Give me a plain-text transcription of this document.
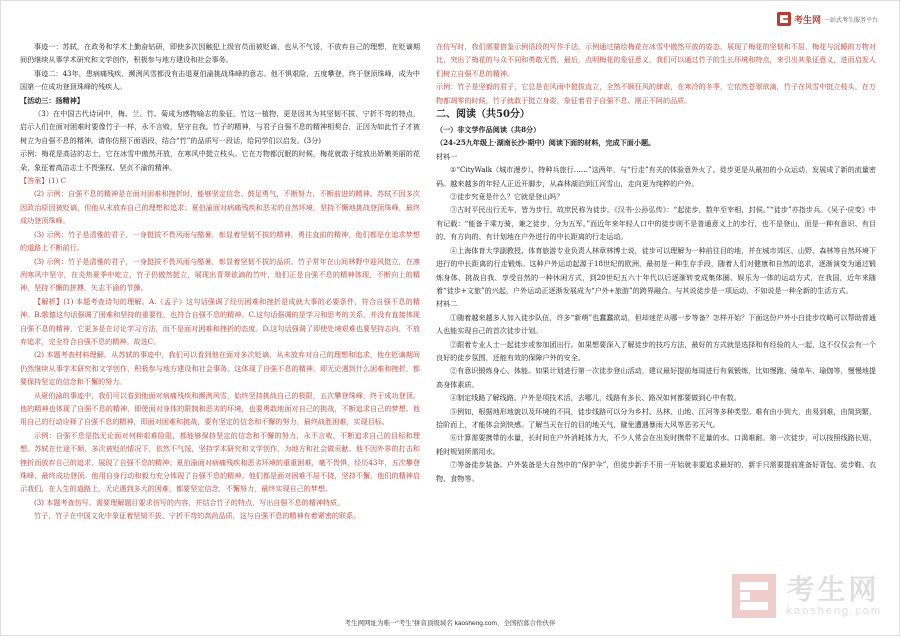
考生网 一站式考生服务平台

事迹一：苏轼，在政务和学术上勤奋钻研，即使多次因触犯上级官员而被贬谪，也从不气馁，不放弃自己的理想，在贬谪期间仍继续从事学术研究和文学创作，积极参与地方建设和社会事务。

事迹二：43年，患病痛残疾、濒洌风雪都没有击退夏伯渝挑战珠峰的意志。他不惧艰险，五度攀登，终于登顶珠峰，成为中国第一位成功登顶珠峰的残疾人。

【活动三：扬精神】

（3）在中国古代诗词中，梅、兰、竹、菊成为感物喻志的象征，竹这一植物，更是因其为其坚韧不拔、宁折不弯的特点，启示人们在面对困难时要像竹子一样，永不言败，坚守自我。竹子的精神，与君子自强不息的精神相契合，正因为如此竹子才被树立为自强不息的精神。请你仿照下面语段，结合“竹”的品质写一段话，给同学们以启发。(3分)

示例：梅花是高洁的志士，它在冰雪中傲然开放，在寒风中挺立枝头。它在万物都沉眠的时候，梅花就敢于绽放出娇嫩美丽的花朵，象征着高洁志士不畏强权、坚贞不渝的精神。

【答案】(1) C

(2) 示例：自强不息的精神是在面对困难和挫折时，能够坚定信念、鼓足勇气，不断努力，不断前进的精神。苏轼不因多次因政治原因被贬谪，但他从未放弃自己的理想和追求；夏伯渝面对病痛残疾和恶劣的自然环境，坚持不懈地挑战登顶珠峰，最终成功登顶珠峰。

(3) 示例：竹子是清雅的君子，一身挺拔不畏风雨与酷暑，彰显着坚韧不拔的精神，勇往直前的精神，他们都是在追求梦想的道路上不断前行。

(3) 示例：竹子是清雅的君子，一身挺拔不畏风雨与酷暑，彰显着坚韧不拔的品质。竹子常年在山间林野中迎风挺立，在凛冽寒风中坚守，在炎热夏季中屹立，竹子仍傲然挺立，展现出青翠欲滴的竹叶，他们正是自强不息的精神体现，不断向上的精神，坚持不懈的拼搏，矢志不渝的节操。

【解析】(1) 本题考查诗句的理解。A.《孟子》这句话强调了经历困难和挫折是成就大事的必要条件，符合自强不息的精神。B.歌德这句话强调了困难和坚持的重要性，也符合自强不息的精神。C.这句话强调的是学习和思考的关系，并没有直接体现自强不息的精神，它更多是在讨论学习方法，而不是面对困难和挫折的态度。D.这句话强调了即使处境艰难也要坚持志向，不放弃追求，完全符合自强不息的精神。故选C。

(2) 本题考查材料理解。从苏轼的事迹中，我们可以看到他在面对多次贬谪，从未放弃对自己的理想和追求，他在贬谪期间仍然继续从事学术研究和文学创作，积极参与地方建设和社会事务。这体现了自强不息的精神，即无论遇到什么困难和挫折，都要保持坚定的信念和不懈的努力。

从夏伯渝的事迹中，我们可以看到他面对病痛残疾和濒洌风雪，始终坚持挑战自己的极限，五次攀登珠峰，终于成功登顶。他的精神也体现了自强不息的精神，即使面对身体的限制和恶劣的环境，也要勇敢地面对自己的挑战，不断追求自己的梦想。他用自己的行动诠释了自强不息的精神，即面对困难和挑战，要有坚定的信念和不懈的努力，最终战胜困难，实现目标。

示例：自强不息是指无论面对何种艰难险阻，都能够保持坚定的信念和不懈的努力，永不言败，不断追求自己的目标和理想。苏轼在仕途不顺、多次被贬的情况下，依然不气馁，坚持学术研究和文学创作，为地方和社会做贡献。他不因外界的打击和挫折而放弃自己的追求，展现了自强不息的精神；夏伯渝面对病痛残疾和恶劣环境的重重困难，毫不畏惧，经历43年，五次攀登珠峰，最终成功登顶。他用自身行动和毅力充分体现了自强不息的精神。他们都是面对困难不屈不挠，坚持不懈，他们的精神启示我们，在人生的道路上，无论遇到多大的困难，都要坚定信念，不懈努力，最终实现自己的梦想。

(3) 本题考查仿写。需要理解题目要求仿写的内容，并结合竹子的特点，写出自强不息的精神特质。

竹子，竹子在中国文化中象征着坚韧不拔、宁折不弯的高尚品质，这与自强不息的精神有着紧密的联系。

在仿写时，我们需要借鉴示例语段的写作手法，示例通过描绘梅花在冰雪中傲然开放的姿态，展现了梅花的坚韧和不屈，梅花与沉睡的万物对比，突出了梅花的与众不同和勇敢无畏，最后，点明梅花的象征意义，我们可以通过竹子的生长环境和特点，来引出其象征意义，进而启发人们树立自强不息的精神。

示例：竹子是坚毅的君子，它总是在风雨中挺拔直立，全然不顾狂风的肆虐，在寒冷的冬季，它依然苍翠欲滴，竹子在风雪中挺立枝头，在万物都凋零的时候，竹子就敢于挺立身姿，象征着君子自强不息、刚正不阿的品质。

二、阅读（共50分）

（一）非文学作品阅读（共8分）

（24-25九年级上·湖南长沙·期中）阅读下面的材料，完成下面小题。

材料一

①“CityWalk（城市漫步）、特种兵旅行……”这两年，与“行走”有关的体验意外火了。徒步更是从最初的小众运动，发展成了新的流量密码。越来越多的年轻人正近开脚步，从森林湖泊到江河雪山，走向更为纯粹的户外。

②徒步究竟是什么？它就是登山吗？

③古时平民出行无车，皆为步行，故庶民称为徒步。《汉书·公孙弘传》：“起徒步，数年至宰相，封侯。”“徒步”亦指步兵。《吴子·应变》中有记载：“能备千乘万骑，兼之徒步，分为五军。”而近年来年轻人口中的徒步则不是普通意义上的步行，也不是登山，而是一种有意识、有目的、有方向的、有计划地在户外进行的中长距离的行走运动。

④上海体育大学副教授、体育旅游专业负责人林章林博士说，徒步可以理解为一种前往目的地，并在城市郊区、山野、森林等自然环境下进行的中长距离的行走锻炼。这种户外运动起源于18世纪的欧洲，最初是一种生存手段，随着人们对健康和自然的追求，逐渐演变为通过锻炼身体、挑战自我、享受自然的一种休闲方式，到20世纪五六十年代以后逐渐转变成集体圈、娱乐为一体的运动方式，在我国，近年来随着“徒步+文旅”的兴起，户外运动正逐渐发展成为“户外+旅游”的跨界融合。与其说徒步是一项运动，不如说是一种全新的生活方式。

材料二

①随着越来越多人加入徒步队伍，许多“新萌”也蠢蠢欲动，但却迷茫从哪一步等备？怎样开始？下面这份户外小白徒步攻略可以帮助普通人也能实现自己的首次徒步计划。

②跟着专业人士一起徒步或参加团出行。如果想要深入了解徒步的技巧方法，最好的方式就是选择和有经验的人一起，这不仅仅会有一个良好的徒步氛围，还能有效的保障户外的安全。

②有意识锻炼身心、体能。如果计划进行第一次徒步登山活动，建议最好提前每周进行有氧锻炼，比如慢跑、骑单车、瑜伽等，慢慢地提高身体素质。

④制定线路了解线路。户外是项技术活，去哪儿，线路有多长、路况如何都要做到心中有数。

⑤例如，根据地形地貌以及环境的不同，徒步线路可以分为乡村、丛林、山地、江河等多种类型。难有由小到大，由易到难，由简到繁，拾阶而上，才能体会到快感。了解当天在行的目的地天气，避免遭遇暴雨大风等恶劣天气。

⑥计算需要携带的水量，长时间在户外消耗体力大，不少人常会在出发时携带不足量的水。口渴难耐。第一次徒步，可以按照线路长短、耗时规划所需用水。

⑦等备徒步装备。户外装备是大自然中的“保护伞”，但徒步新手不用一开始就非要追求最好的，新手只需要提前准备好背包、徒步鞋、衣物、食物等。

考生网网址为唯一“考生”拼音顶级域名 kaosheng.com，全国招募合作伙伴
考生网
kaosheng.com
